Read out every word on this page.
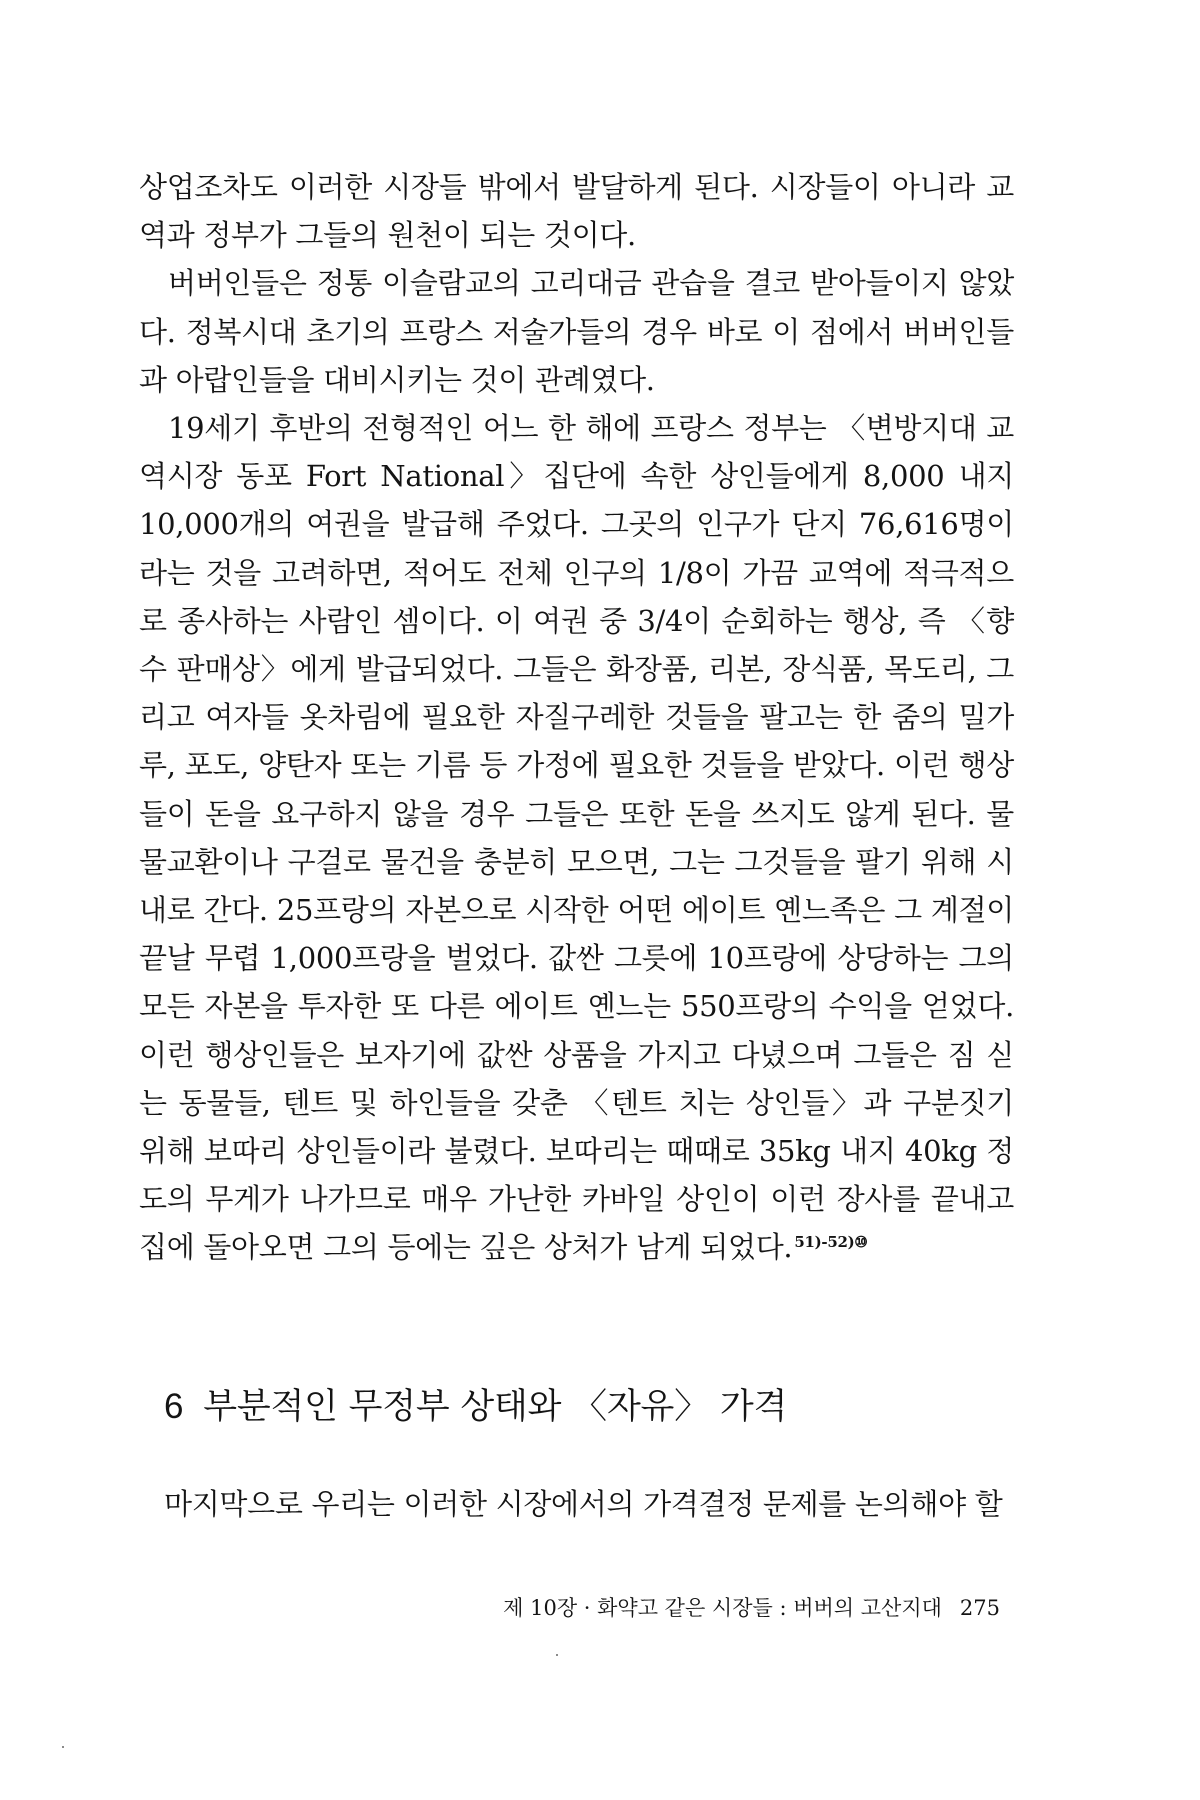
상업조차도 이러한 시장들 밖에서 발달하게 된다. 시장들이 아니라 교역과 정부가 그들의 원천이 되는 것이다.

버버인들은 정통 이슬람교의 고리대금 관습을 결코 받아들이지 않았다. 정복시대 초기의 프랑스 저술가들의 경우 바로 이 점에서 버버인들과 아랍인들을 대비시키는 것이 관례였다.

19세기 후반의 전형적인 어느 한 해에 프랑스 정부는 〈변방지대 교역시장 동포 Fort National〉집단에 속한 상인들에게 8,000 내지 10,000개의 여권을 발급해 주었다. 그곳의 인구가 단지 76,616명이라는 것을 고려하면, 적어도 전체 인구의 1/8이 가끔 교역에 적극적으로 종사하는 사람인 셈이다. 이 여권 중 3/4이 순회하는 행상, 즉 〈향수 판매상〉에게 발급되었다. 그들은 화장품, 리본, 장식품, 목도리, 그리고 여자들 옷차림에 필요한 자질구레한 것들을 팔고는 한 줌의 밀가루, 포도, 양탄자 또는 기름 등 가정에 필요한 것들을 받았다. 이런 행상들이 돈을 요구하지 않을 경우 그들은 또한 돈을 쓰지도 않게 된다. 물물교환이나 구걸로 물건을 충분히 모으면, 그는 그것들을 팔기 위해 시내로 간다. 25프랑의 자본으로 시작한 어떤 에이트 옌느족은 그 계절이 끝날 무렵 1,000프랑을 벌었다. 값싼 그릇에 10프랑에 상당하는 그의 모든 자본을 투자한 또 다른 에이트 옌느는 550프랑의 수익을 얻었다. 이런 행상인들은 보자기에 값싼 상품을 가지고 다녔으며 그들은 짐 싣는 동물들, 텐트 및 하인들을 갖춘 〈텐트 치는 상인들〉과 구분짓기 위해 보따리 상인들이라 불렸다. 보따리는 때때로 35kg 내지 40kg 정도의 무게가 나가므로 매우 가난한 카바일 상인이 이런 장사를 끝내고 집에 돌아오면 그의 등에는 깊은 상처가 남게 되었다. $^{51)-52)⑩}$

6 부분적인 무정부 상태와 〈자유〉 가격

마지막으로 우리는 이러한 시장에서의 가격결정 문제를 논의해야 할

제 10장 · 화약고 같은 시장들 : 버버의 고산지대 275
